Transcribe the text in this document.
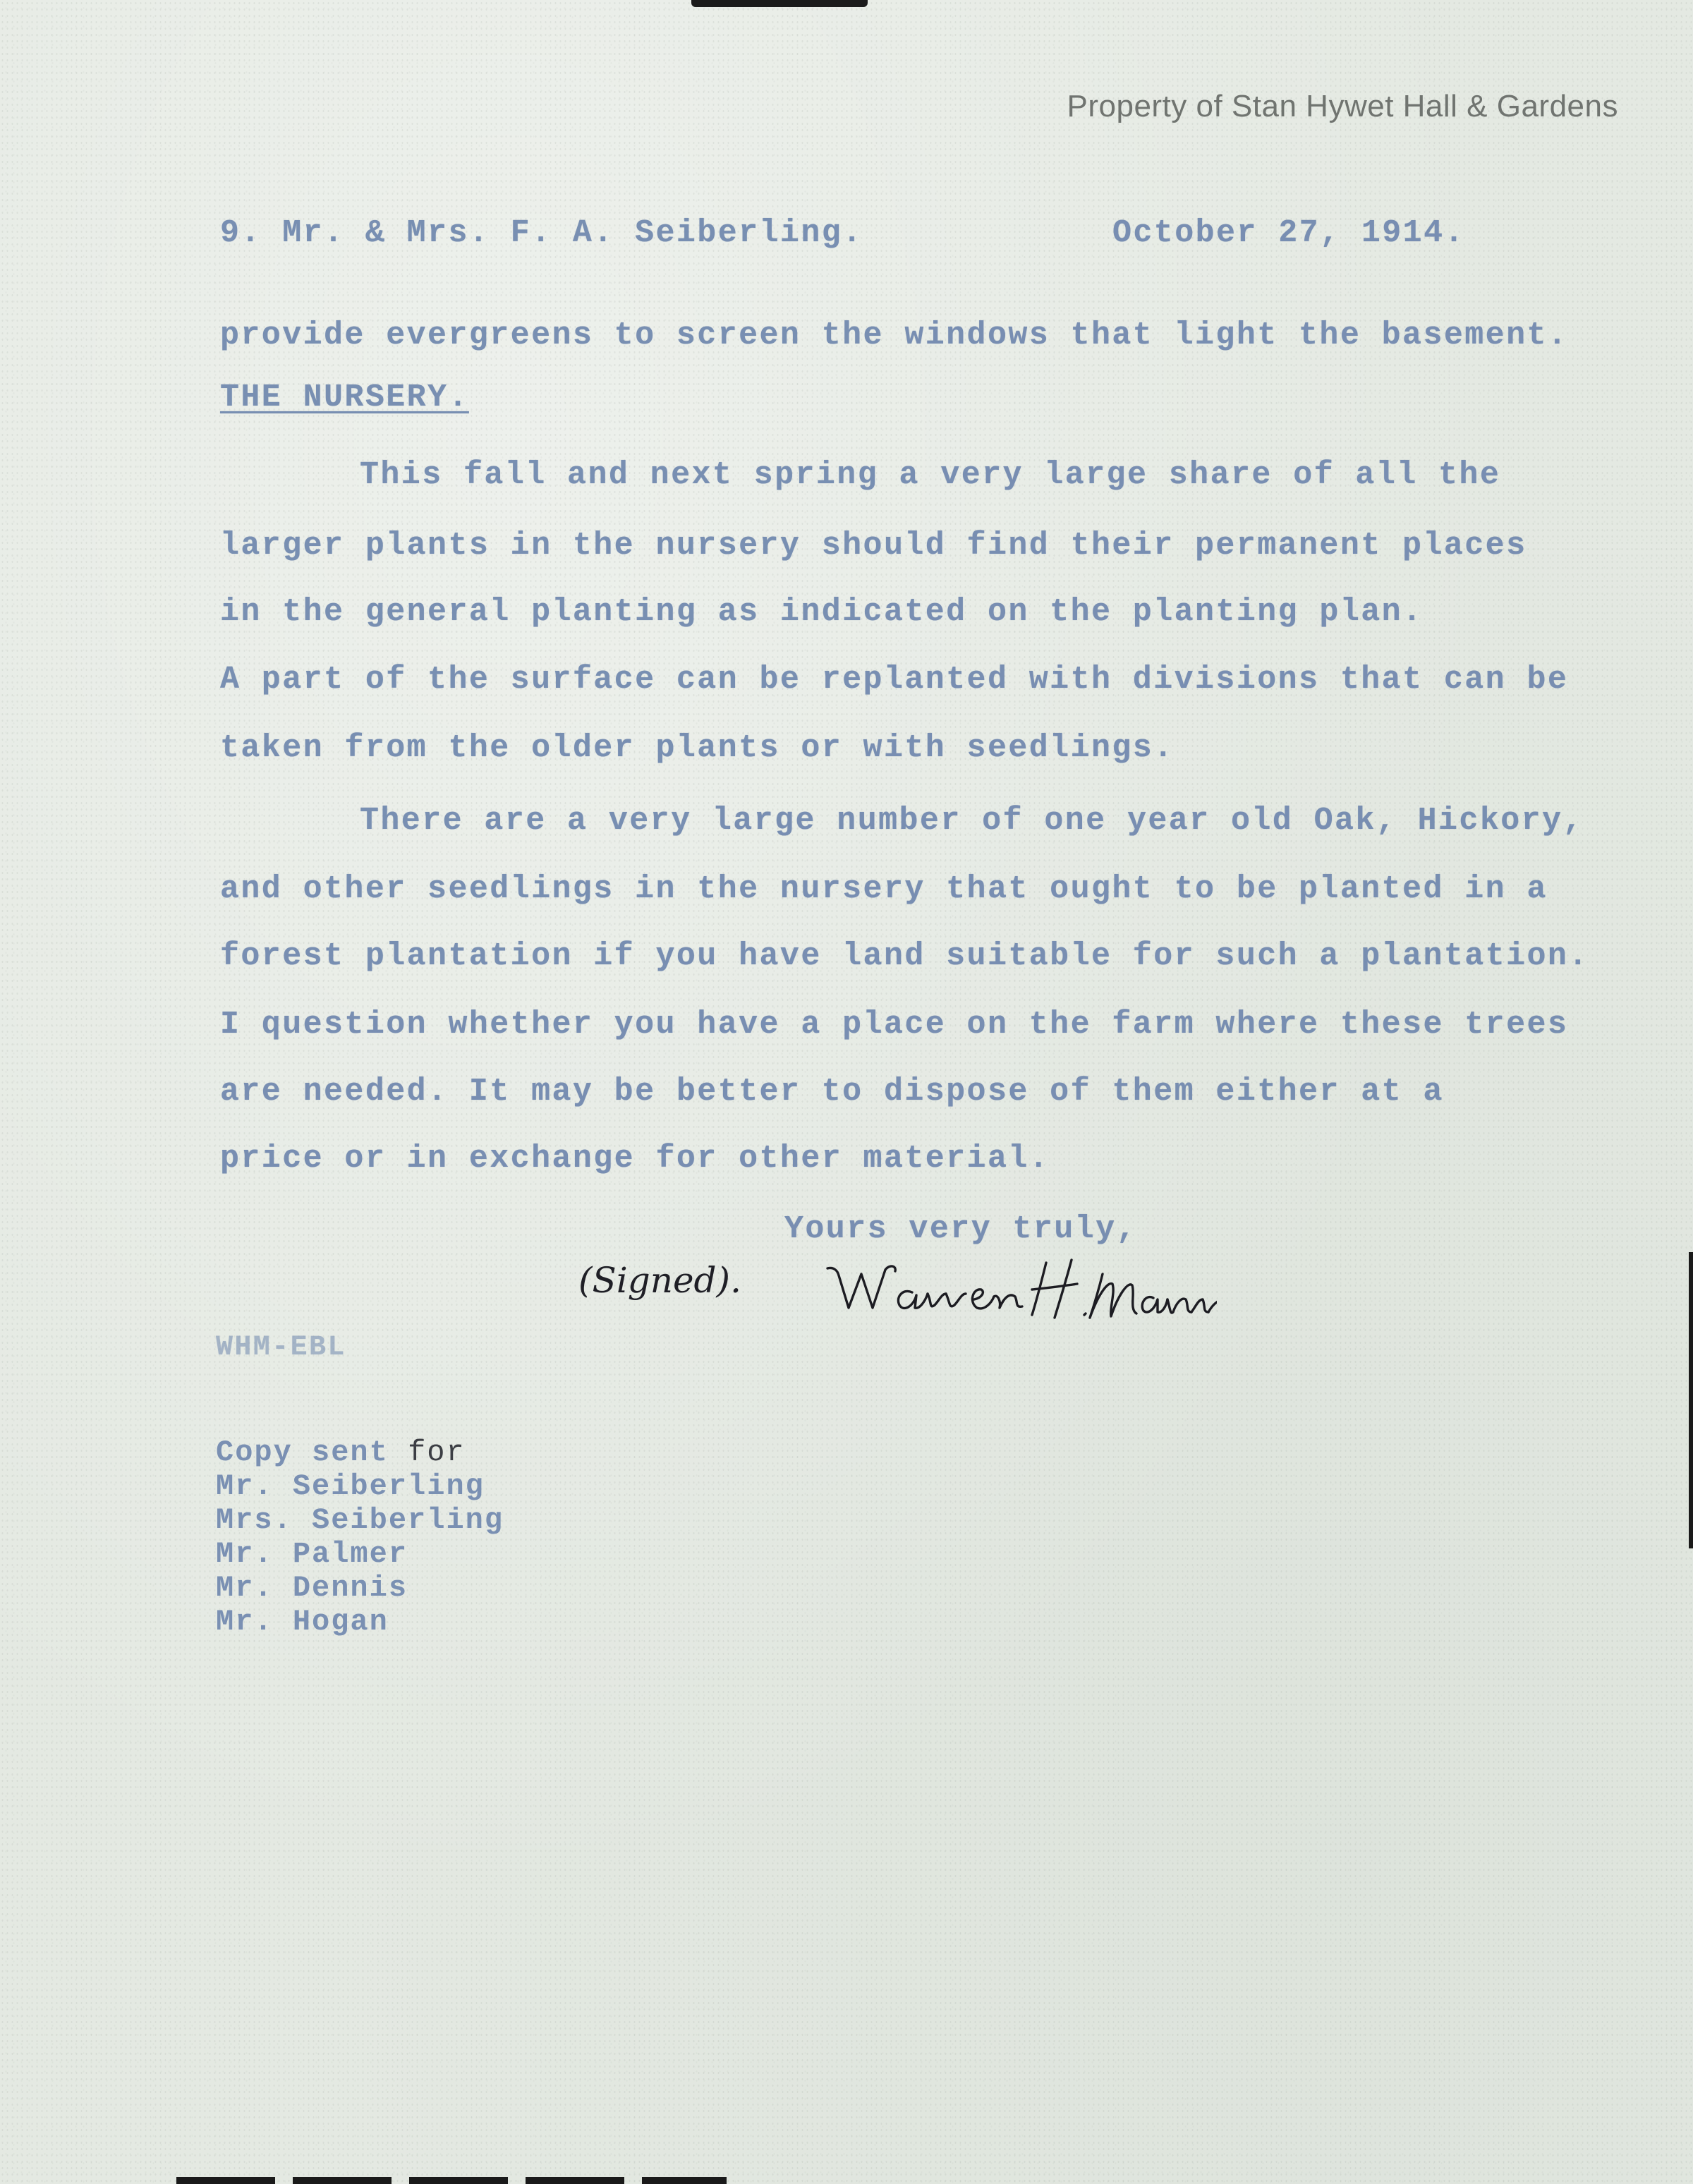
Property of Stan Hywet Hall & Gardens
9. Mr. & Mrs. F. A. Seiberling.	October 27, 1914.
provide evergreens to screen the windows that light the basement.
THE NURSERY.
This fall and next spring a very large share of all the
larger plants in the nursery should find their permanent places
in the general planting as indicated on the planting plan.
A part of the surface can be replanted with divisions that can be
taken from the older plants or with seedlings.
There are a very large number of one year old Oak, Hickory,
and other seedlings in the nursery that ought to be planted in a
forest plantation if you have land suitable for such a plantation.
I question whether you have a place on the farm where these trees
are needed. It may be better to dispose of them either at a
price or in exchange for other material.
Yours very truly,
(Signed).
WHM-EBL
Copy sent for
Mr. Seiberling
Mrs. Seiberling
Mr. Palmer
Mr. Dennis
Mr. Hogan
